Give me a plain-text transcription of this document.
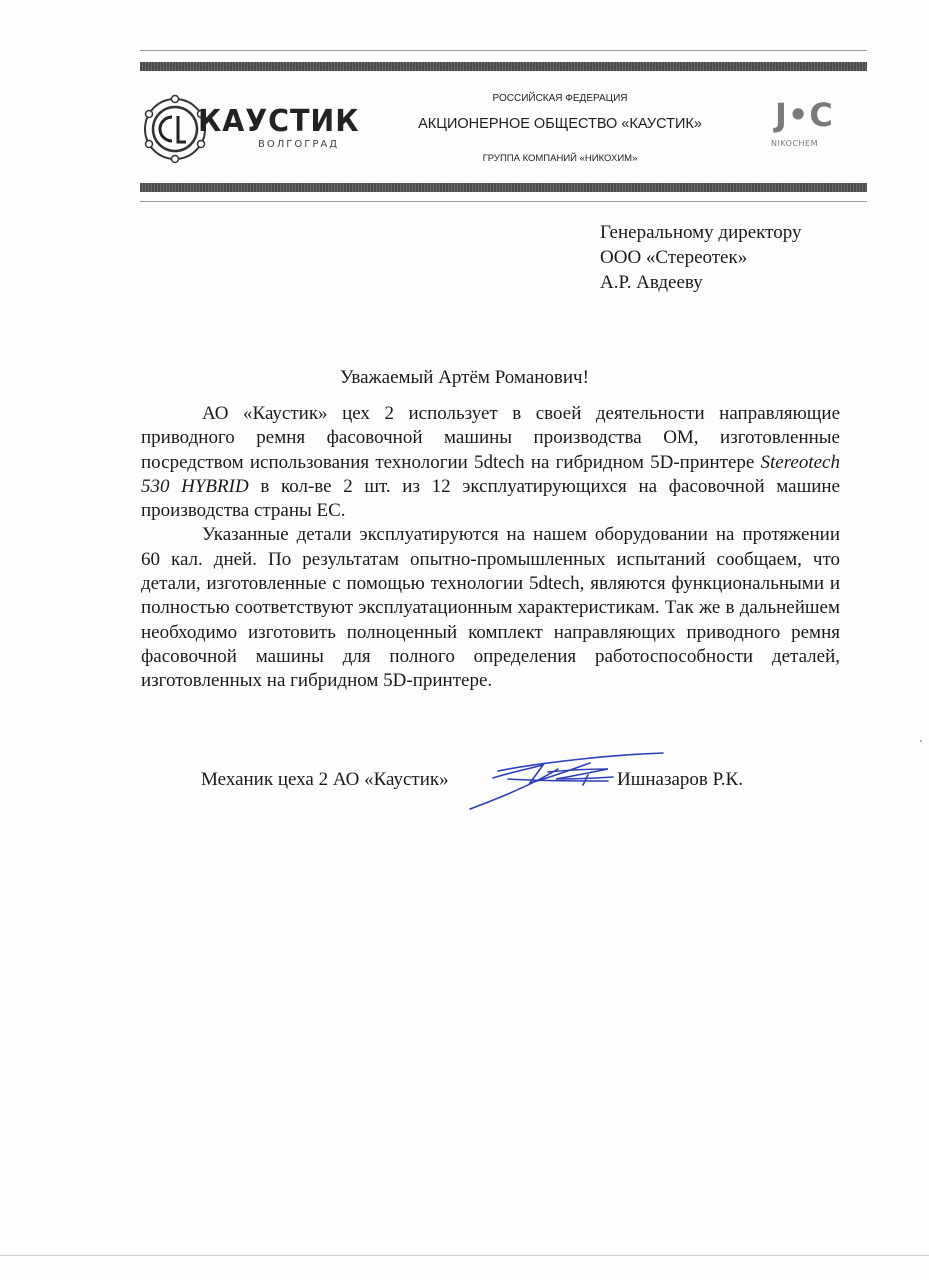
КАУСТИК
ВОЛГОГРАД
РОССИЙСКАЯ ФЕДЕРАЦИЯ
АКЦИОНЕРНОЕ ОБЩЕСТВО «КАУСТИК»
ГРУППА КОМПАНИЙ «НИКОХИМ»
J•C
NIKOCHEM
Генеральному директору
ООО «Стереотек»
А.Р. Авдееву
Уважаемый Артём Романович!

АО «Каустик» цех 2 использует в своей деятельности направляющие приводного ремня фасовочной машины производства ОМ, изготовленные посредством использования технологии 5dtech на гибридном 5D-принтере Stereotech 530 HYBRID в кол-ве 2 шт. из 12 эксплуатирующихся на фасовочной машине производства страны ЕС.

Указанные детали эксплуатируются на нашем оборудовании на протяжении 60 кал. дней. По результатам опытно-промышленных испытаний сообщаем, что детали, изготовленные с помощью технологии 5dtech, являются функциональными и полностью соответствуют эксплуатационным характеристикам. Так же в дальнейшем необходимо изготовить полноценный комплект направляющих приводного ремня фасовочной машины для полного определения работоспособности деталей, изготовленных на гибридном 5D-принтере.

Механик цеха 2 АО «Каустик»	Ишназаров Р.К.
